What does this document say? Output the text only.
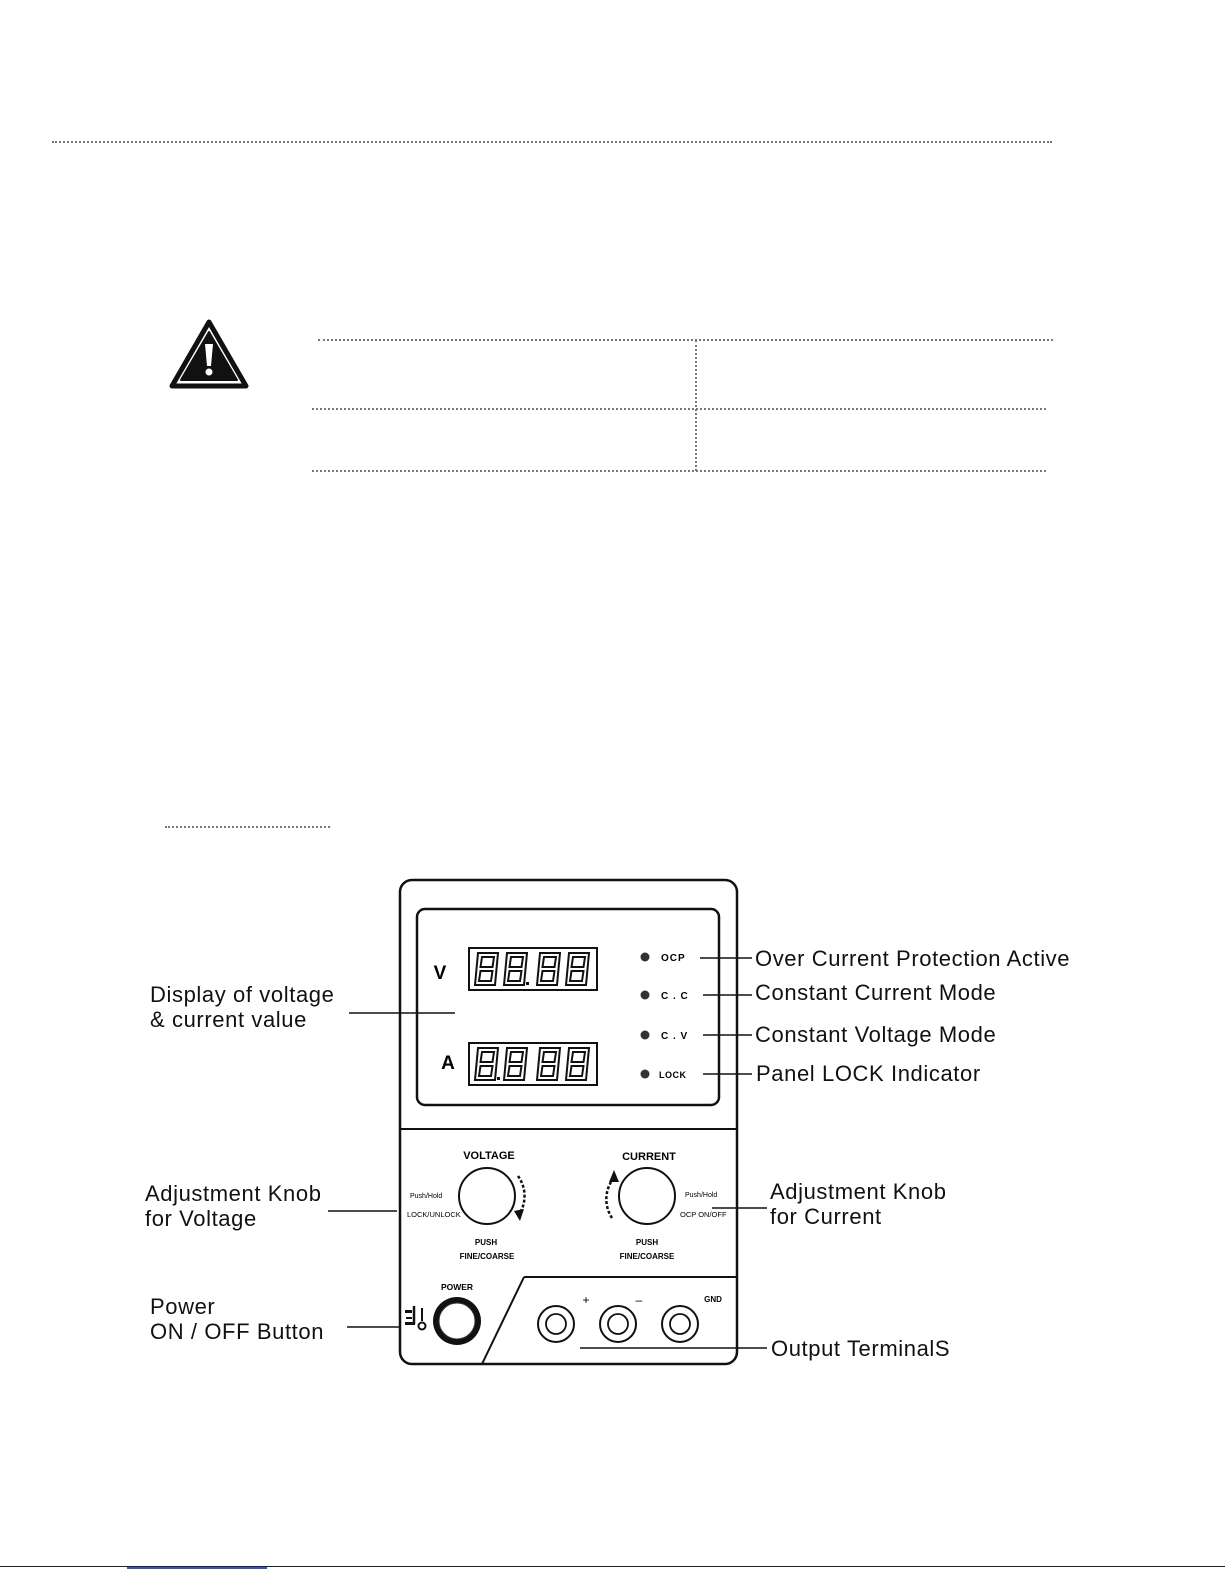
V
A
OCP
C . C
C . V
LOCK
VOLTAGE
Push/Hold
LOCK/UNLOCK
PUSH
FINE/COARSE
CURRENT
Push/Hold
OCP ON/OFF
PUSH
FINE/COARSE
POWER
+	–	GND
Display of voltage
& current value
Over Current Protection Active
Constant Current Mode
Constant Voltage Mode
Panel LOCK Indicator
Adjustment Knob
for Voltage
Adjustment Knob
for Current
Power
ON / OFF Button
Output TerminalS
